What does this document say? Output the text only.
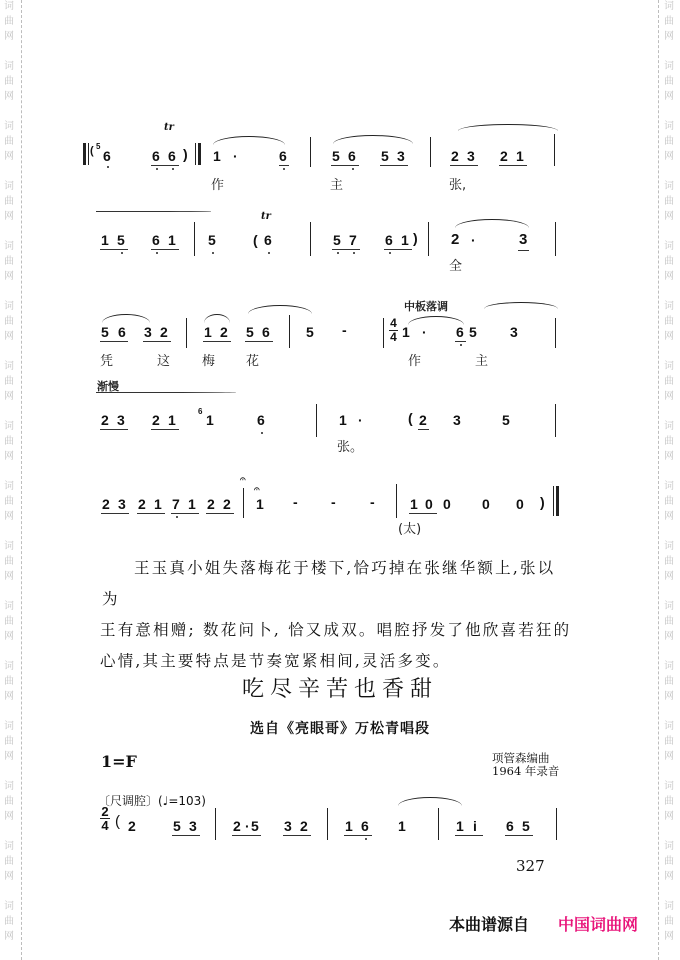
词
曲
网
词
曲
网
词
曲
网
词
曲
网
词
曲
网
词
曲
网
词
曲
网
词
曲
网
词
曲
网
词
曲
网
词
曲
网
词
曲
网
词
曲
网
词
曲
网
词
曲
网
词
曲
网
词
曲
网
词
曲
网
词
曲
网
词
曲
网
词
曲
网
词
曲
网
词
曲
网
词
曲
网
词
曲
网
词
曲
网
词
曲
网
词
曲
网
词
曲
网
词
曲
网
词
曲
网
词
曲
网
( 5
6
tr
6 6 ) 1 ·	6
作
5 6 5 3
主
2 3 2 1
张,
1 5 6 1 5	(
tr
6	5 7 6 1 ) 2 ·	3
全
5 6 3 2
凭	这
1 2 5 6
梅 花
5 -
中板落调
4
4 1 · 6 5 3
作	主
渐慢
2 3 2 1
6
1	6	1 ·	( 2 3	5
张。
2 3 2 1 7 1 2 2
𝄐
𝄐
1 - - -	1 0 0 0 0 )
(太)
王玉真小姐失落梅花于楼下,恰巧掉在张继华额上,张以为
王有意相赠; 数花问卜, 恰又成双。唱腔抒发了他欣喜若狂的
心情,其主要特点是节奏宽紧相间,灵活多变。
吃尽辛苦也香甜
选自《亮眼哥》万松青唱段
1=F	项管森编曲
1964 年录音
〔尺调腔〕(♩=103)
2
4 ( 2	5 3	2 · 5 3 2	1 6 1	1 i 6 5
327
本曲谱源自 中国词曲网
